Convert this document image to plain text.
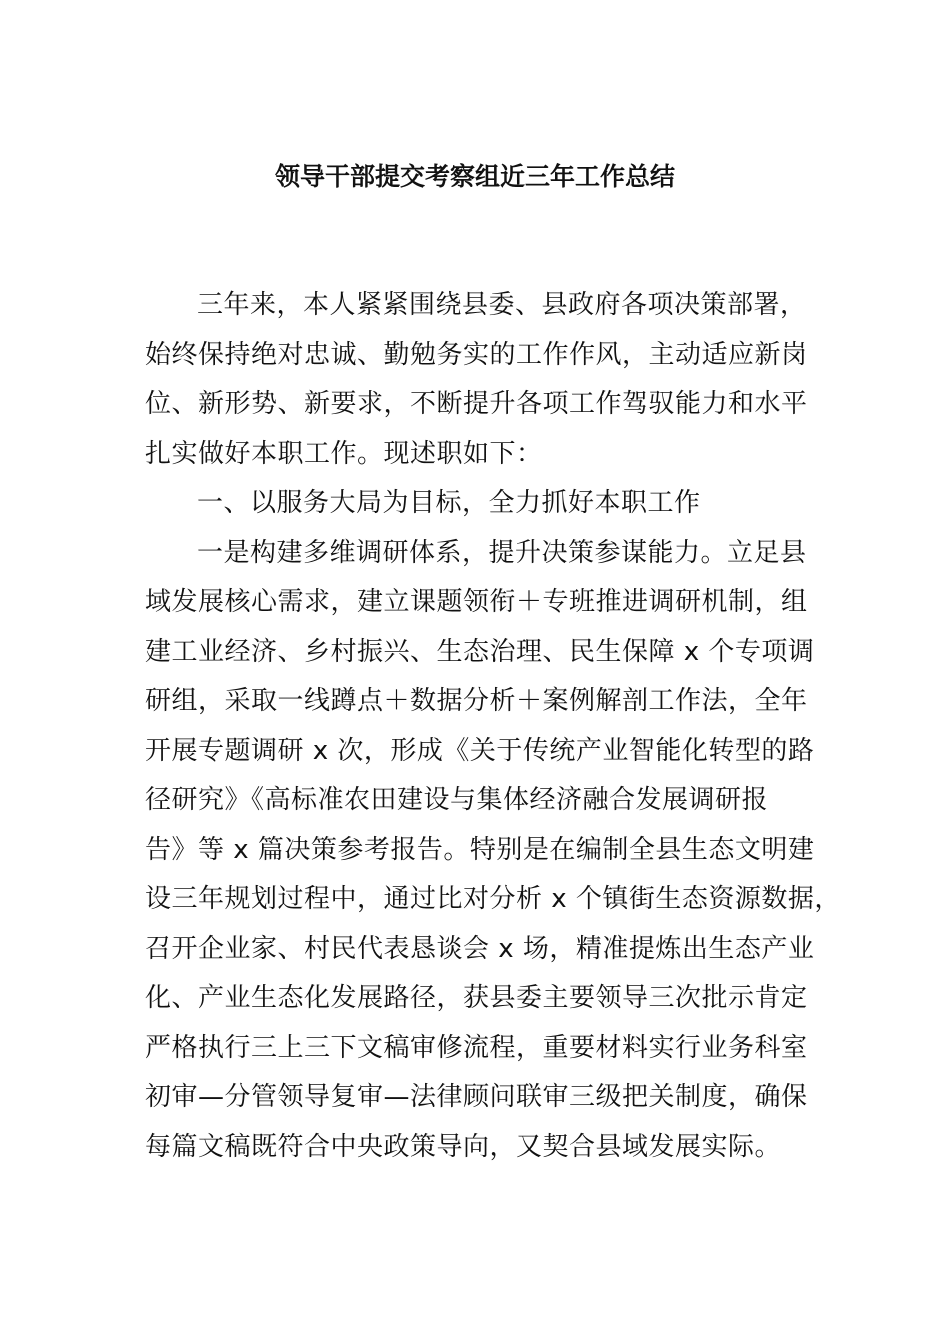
领导干部提交考察组近三年工作总结
三年来，本人紧紧围绕县委、县政府各项决策部署，
始终保持绝对忠诚、勤勉务实的工作作风，主动适应新岗
位、新形势、新要求，不断提升各项工作驾驭能力和水平
扎实做好本职工作。现述职如下：
一、以服务大局为目标，全力抓好本职工作
一是构建多维调研体系，提升决策参谋能力。立足县
域发展核心需求，建立课题领衔＋专班推进调研机制，组
建工业经济、乡村振兴、生态治理、民生保障 x 个专项调
研组，采取一线蹲点＋数据分析＋案例解剖工作法，全年
开展专题调研 x 次，形成《关于传统产业智能化转型的路
径研究》《高标准农田建设与集体经济融合发展调研报
告》等 x 篇决策参考报告。特别是在编制全县生态文明建
设三年规划过程中，通过比对分析 x 个镇街生态资源数据，
召开企业家、村民代表恳谈会 x 场，精准提炼出生态产业
化、产业生态化发展路径，获县委主要领导三次批示肯定
严格执行三上三下文稿审修流程，重要材料实行业务科室
初审—分管领导复审—法律顾问联审三级把关制度，确保
每篇文稿既符合中央政策导向，又契合县域发展实际。
